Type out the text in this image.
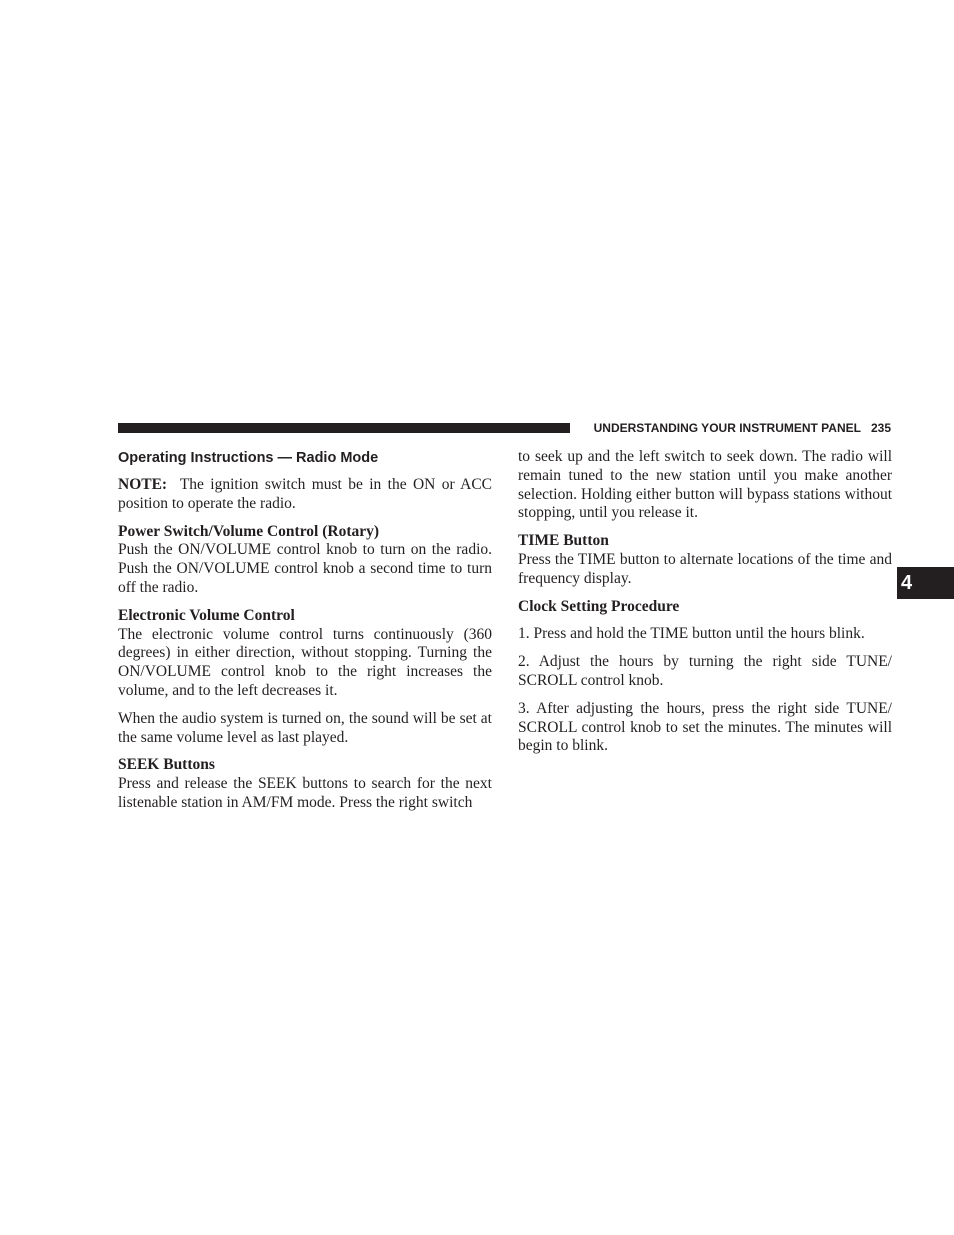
UNDERSTANDING YOUR INSTRUMENT PANEL 235
4
Operating Instructions — Radio Mode

NOTE: The ignition switch must be in the ON or ACC position to operate the radio.

Power Switch/Volume Control (Rotary)

Push the ON/VOLUME control knob to turn on the radio. Push the ON/VOLUME control knob a second time to turn off the radio.

Electronic Volume Control

The electronic volume control turns continuously (360 degrees) in either direction, without stopping. Turning the ON/VOLUME control knob to the right increases the volume, and to the left decreases it.

When the audio system is turned on, the sound will be set at the same volume level as last played.

SEEK Buttons

Press and release the SEEK buttons to search for the next listenable station in AM/FM mode. Press the right switch

to seek up and the left switch to seek down. The radio will remain tuned to the new station until you make another selection. Holding either button will bypass stations without stopping, until you release it.

TIME Button

Press the TIME button to alternate locations of the time and frequency display.

Clock Setting Procedure

1. Press and hold the TIME button until the hours blink.

2. Adjust the hours by turning the right side TUNE/ SCROLL control knob.

3. After adjusting the hours, press the right side TUNE/ SCROLL control knob to set the minutes. The minutes will begin to blink.
